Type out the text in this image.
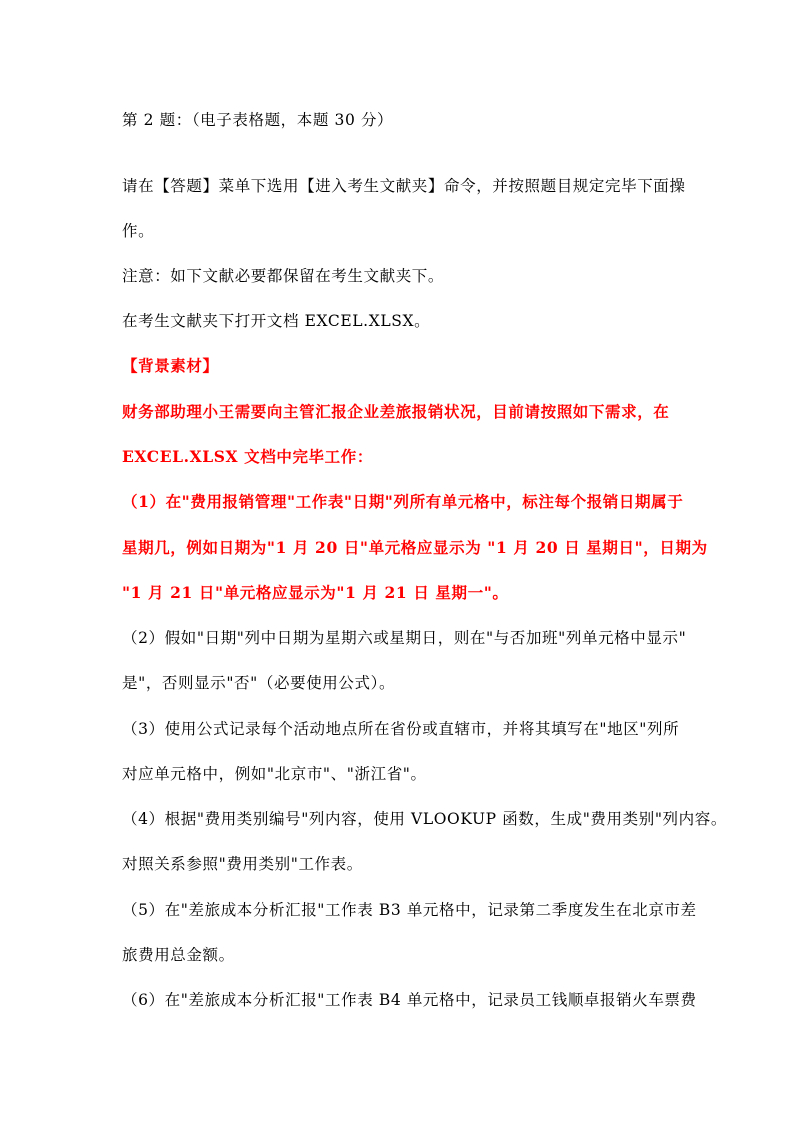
第 2 题：（电子表格题，本题 30 分）
请在【答题】菜单下选用【进入考生文献夹】命令，并按照题目规定完毕下面操
作。
注意：如下文献必要都保留在考生文献夹下。
在考生文献夹下打开文档 EXCEL.XLSX。
【背景素材】
财务部助理小王需要向主管汇报企业差旅报销状况，目前请按照如下需求，在
EXCEL.XLSX 文档中完毕工作：
（1）在"费用报销管理"工作表"日期"列所有单元格中，标注每个报销日期属于
星期几，例如日期为"1 月 20 日"单元格应显示为 "1 月 20 日 星期日"，日期为
"1 月 21 日"单元格应显示为"1 月 21 日 星期一"。
（2）假如"日期"列中日期为星期六或星期日，则在"与否加班"列单元格中显示"
是"，否则显示"否"（必要使用公式）。
（3）使用公式记录每个活动地点所在省份或直辖市，并将其填写在"地区"列所
对应单元格中，例如"北京市"、"浙江省"。
（4）根据"费用类别编号"列内容，使用 VLOOKUP 函数，生成"费用类别"列内容。
对照关系参照"费用类别"工作表。
（5）在"差旅成本分析汇报"工作表 B3 单元格中，记录第二季度发生在北京市差
旅费用总金额。
（6）在"差旅成本分析汇报"工作表 B4 单元格中，记录员工钱顺卓报销火车票费
